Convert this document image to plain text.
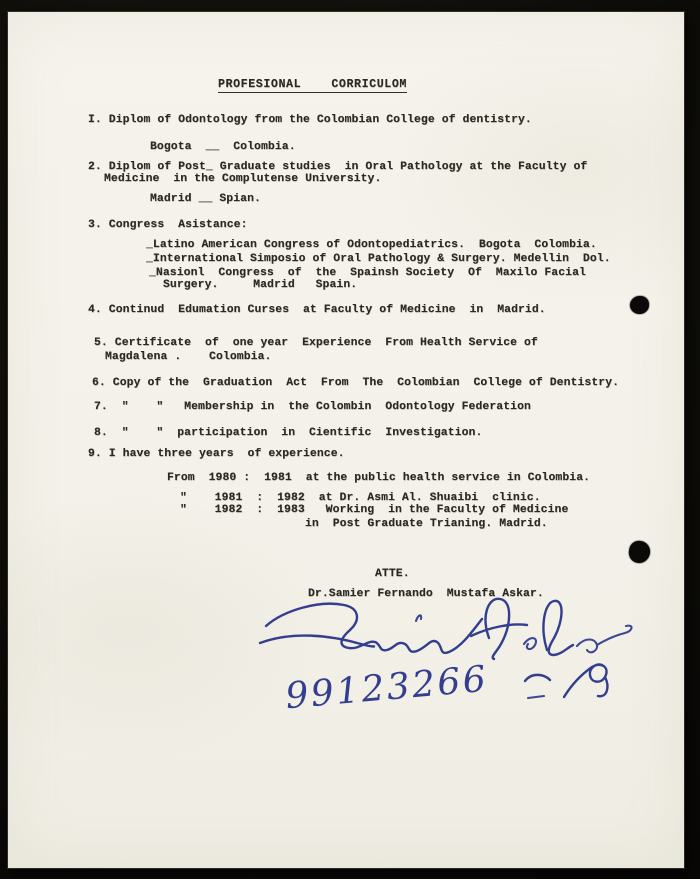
PROFESIONAL    CORRICULOM
I. Diplom of Odontology from the Colombian College of dentistry.
Bogota  __  Colombia.
2. Diplom of Post_ Graduate studies  in Oral Pathology at the Faculty of
Medicine  in the Complutense University.
Madrid __ Spian.
3. Congress  Asistance:
_Latino American Congress of Odontopediatrics.  Bogota  Colombia.
_International Simposio of Oral Pathology & Surgery. Medellin  Dol.
_Nasionl  Congress  of  the  Spainsh Society  Of  Maxilo Facial
Surgery.     Madrid   Spain.
4. Continud  Edumation Curses  at Faculty of Medicine  in  Madrid.
5. Certificate  of  one year  Experience  From Health Service of
Magdalena .    Colombia.
6. Copy of the  Graduation  Act  From  The  Colombian  College of Dentistry.
7.  "    "   Membership in  the Colombin  Odontology Federation
8.  "    "  participation  in  Cientific  Investigation.
9. I have three years  of experience.
From  1980 :  1981  at the public health service in Colombia.
"    1981  :  1982  at Dr. Asmi Al. Shuaibi  clinic.
"    1982  :  1983   Working  in the Faculty of Medicine
in  Post Graduate Trianing. Madrid.
ATTE.
Dr.Samier Fernando  Mustafa Askar.
99123266
